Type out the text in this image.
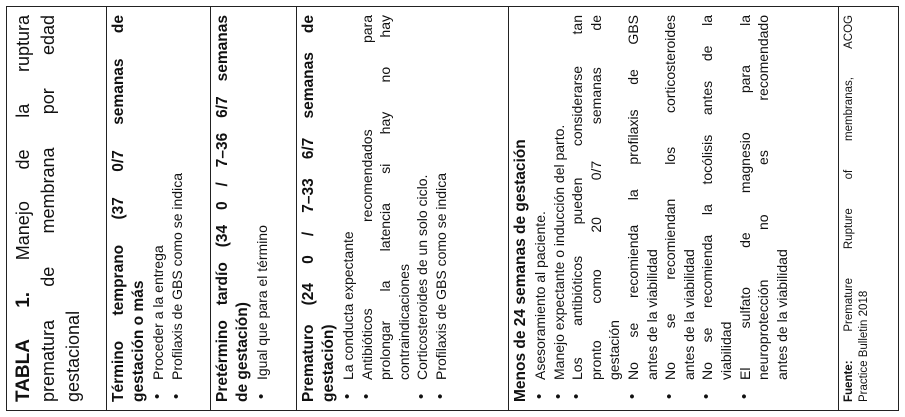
TABLA 1. Manejo de la ruptura prematura de membrana por edad gestacional Término temprano (37 0/7 semanas de gestación o más • Proceder a la entrega • Profilaxis de GBS como se indica Pretérmino tardío (34 0 / 7–36 6/7 semanas de gestación) • Igual que para el término Prematuro (24 0 / 7–33 6/7 semanas de gestación) • La conducta expectante • Antibióticos recomendados para prolongar la latencia si hay no hay contraindicaciones • Corticosteroides de un solo ciclo. • Profilaxis de GBS como se indica	Menos de 24 semanas de gestación • Asesoramiento al paciente. • Manejo expectante o inducción del parto. • Los antibióticos pueden considerarse tan pronto como 20 0/7 semanas de gestación • No se recomienda la profilaxis de GBS antes de la viabilidad • No se recomiendan los corticosteroides antes de la viabilidad • No se recomienda la tocólisis antes de la viabilidad • El sulfato de magnesio para la neuroprotección no es recomendado antes de la viabilidad
Fuente: Premature Rupture of membranas, ACOG
Practice Bulletin 2018
